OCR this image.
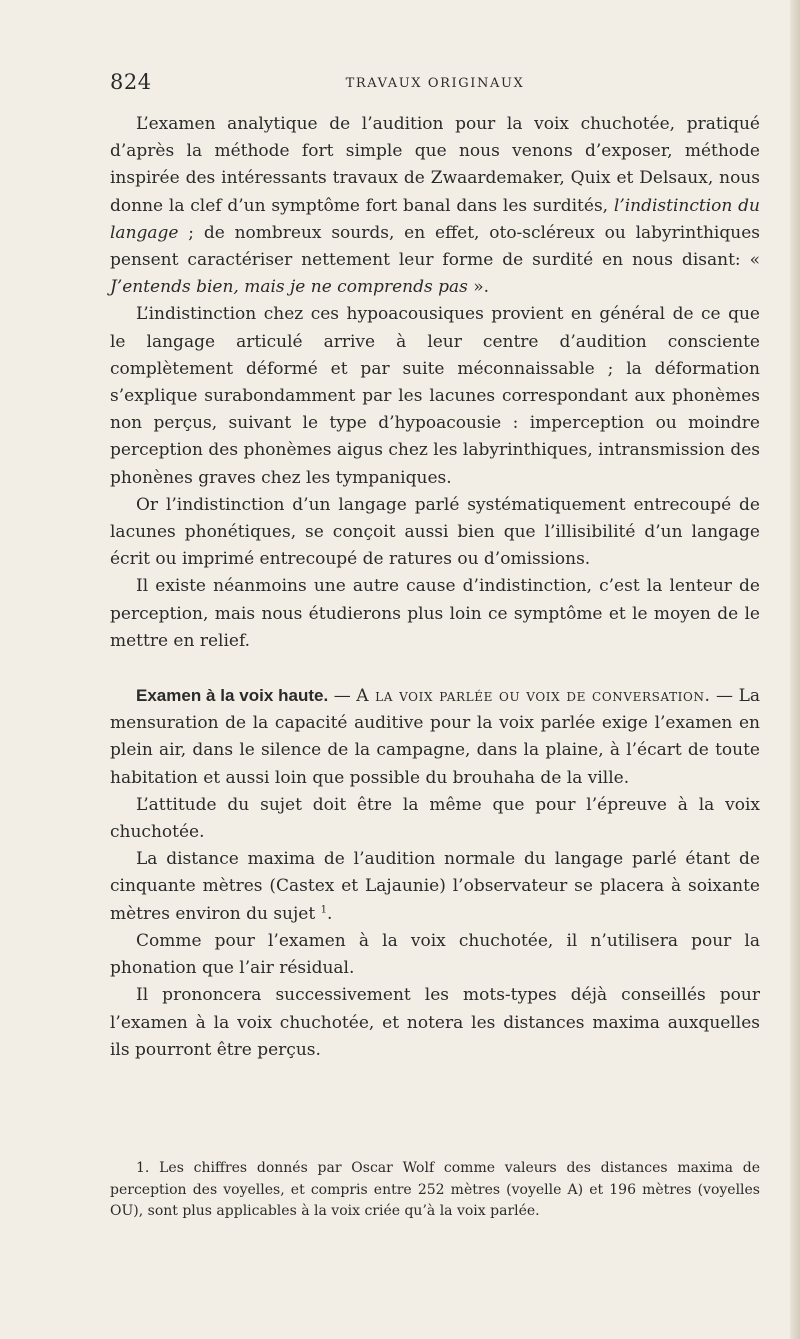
824	TRAVAUX ORIGINAUX

L’examen analytique de l’audition pour la voix chuchotée, pratiqué d’après la méthode fort simple que nous venons d’exposer, méthode inspirée des intéressants travaux de Zwaardemaker, Quix et Delsaux, nous donne la clef d’un symptôme fort banal dans les surdités, l’indistinction du langage ; de nombreux sourds, en effet, oto-scléreux ou labyrinthiques pensent caractériser nettement leur forme de surdité en nous disant: « J’entends bien, mais je ne comprends pas ».

L’indistinction chez ces hypoacousiques provient en général de ce que le langage articulé arrive à leur centre d’audition consciente complètement déformé et par suite méconnaissable ; la déformation s’explique surabondamment par les lacunes correspondant aux phonèmes non perçus, suivant le type d’hypoacousie : imperception ou moindre perception des phonèmes aigus chez les labyrinthiques, intransmission des phonènes graves chez les tympaniques.

Or l’indistinction d’un langage parlé systématiquement entrecoupé de lacunes phonétiques, se conçoit aussi bien que l’illisibilité d’un langage écrit ou imprimé entrecoupé de ratures ou d’omissions.

Il existe néanmoins une autre cause d’indistinction, c’est la lenteur de perception, mais nous étudierons plus loin ce symptôme et le moyen de le mettre en relief.

Examen à la voix haute. — A la voix parlée ou voix de conversation. — La mensuration de la capacité auditive pour la voix parlée exige l’examen en plein air, dans le silence de la campagne, dans la plaine, à l’écart de toute habitation et aussi loin que possible du brouhaha de la ville.

L’attitude du sujet doit être la même que pour l’épreuve à la voix chuchotée.

La distance maxima de l’audition normale du langage parlé étant de cinquante mètres (Castex et Lajaunie) l’observateur se placera à soixante mètres environ du sujet $^1$.

Comme pour l’examen à la voix chuchotée, il n’utilisera pour la phonation que l’air résidual.

Il prononcera successivement les mots-types déjà conseillés pour l’examen à la voix chuchotée, et notera les distances maxima auxquelles ils pourront être perçus.

1. Les chiffres donnés par Oscar Wolf comme valeurs des distances maxima de perception des voyelles, et compris entre 252 mètres (voyelle A) et 196 mètres (voyelles OU), sont plus applicables à la voix criée qu’à la voix parlée.
